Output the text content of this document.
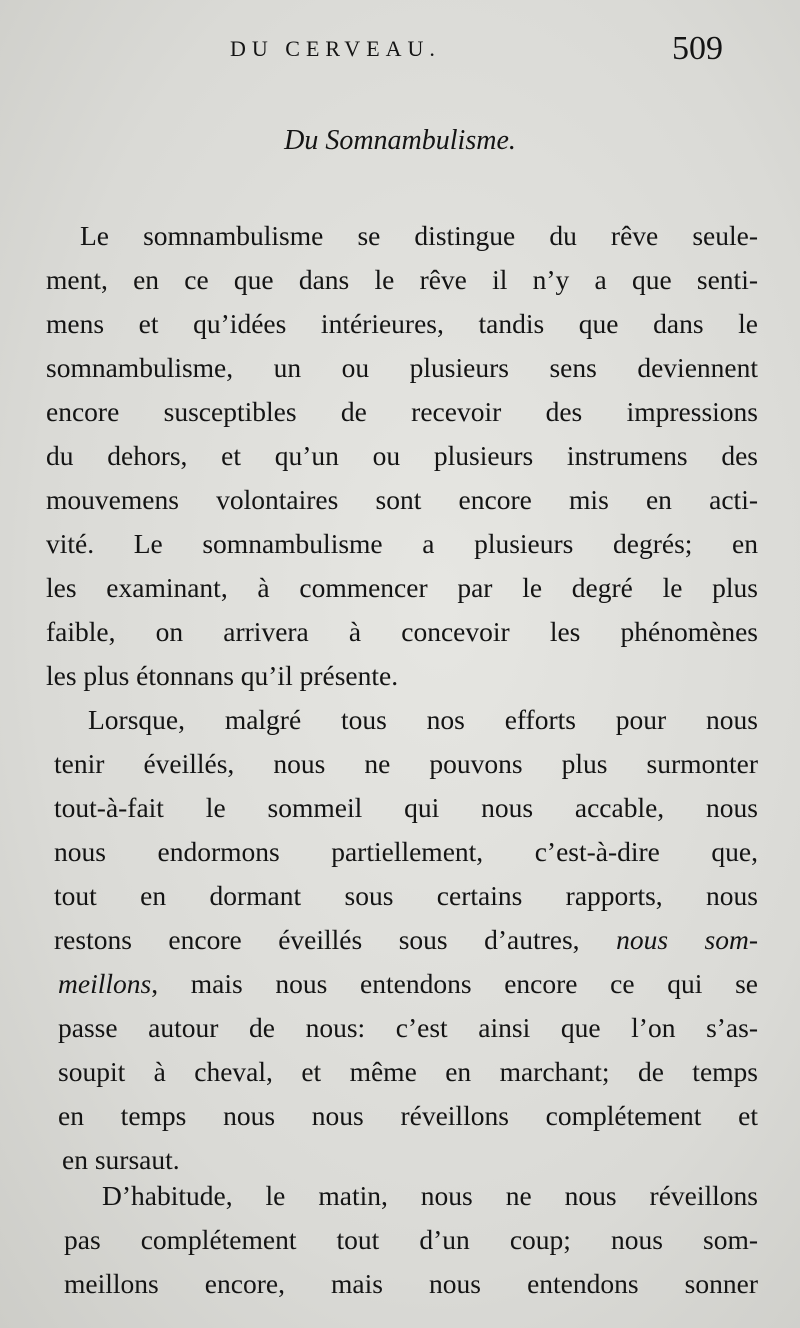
DU CERVEAU.	509
Du Somnambulisme.
Le somnambulisme se distingue du rêve seule-
ment, en ce que dans le rêve il n’y a que senti-
mens et qu’idées intérieures, tandis que dans le
somnambulisme, un ou plusieurs sens deviennent
encore susceptibles de recevoir des impressions
du dehors, et qu’un ou plusieurs instrumens des
mouvemens volontaires sont encore mis en acti-
vité. Le somnambulisme a plusieurs degrés; en
les examinant, à commencer par le degré le plus
faible, on arrivera à concevoir les phénomènes
les plus étonnans qu’il présente.
Lorsque, malgré tous nos efforts pour nous
tenir éveillés, nous ne pouvons plus surmonter
tout-à-fait le sommeil qui nous accable, nous
nous endormons partiellement, c’est-à-dire que,
tout en dormant sous certains rapports, nous
restons encore éveillés sous d’autres, nous som-
meillons, mais nous entendons encore ce qui se
passe autour de nous: c’est ainsi que l’on s’as-
soupit à cheval, et même en marchant; de temps
en temps nous nous réveillons complétement et
en sursaut.
D’habitude, le matin, nous ne nous réveillons
pas complétement tout d’un coup; nous som-
meillons encore, mais nous entendons sonner
